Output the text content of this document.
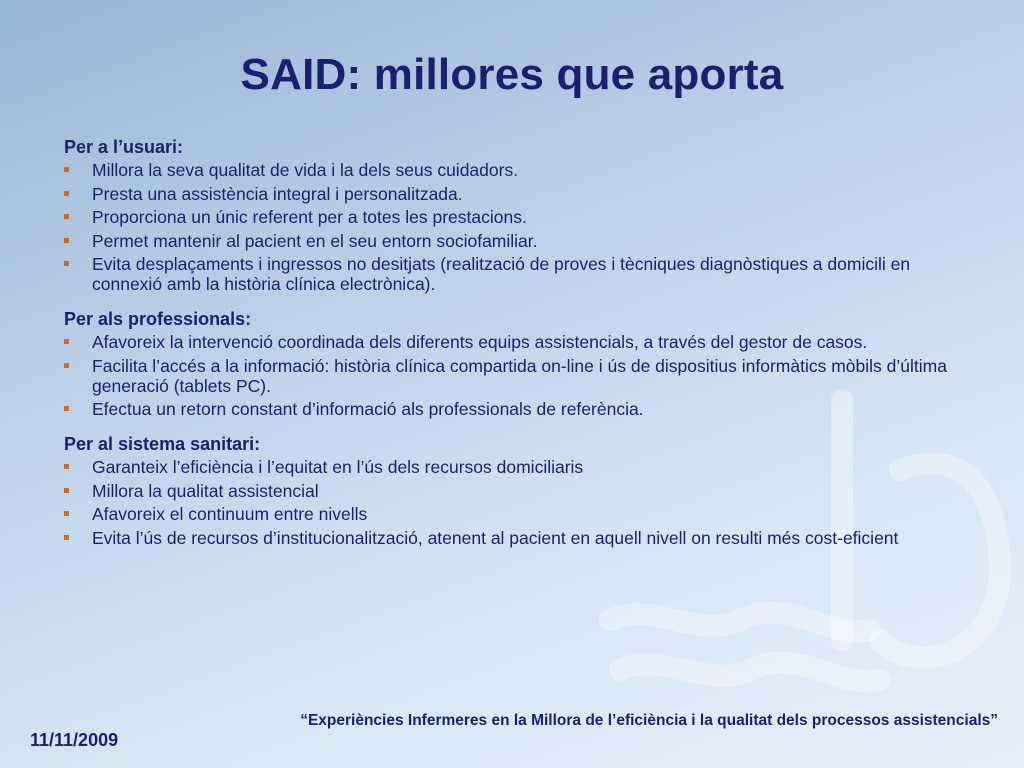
SAID: millores que aporta
Per a l’usuari:
Millora la seva qualitat de vida i la dels seus cuidadors.
Presta una assistència integral i personalitzada.
Proporciona un únic referent per a totes les prestacions.
Permet mantenir al pacient en el seu entorn sociofamiliar.
Evita desplaçaments i ingressos no desitjats (realització de proves i tècniques diagnòstiques a domicili en connexió amb la història clínica electrònica).
Per als professionals:
Afavoreix la intervenció coordinada dels diferents equips assistencials, a través del gestor de casos.
Facilita l’accés a la informació: història clínica compartida on-line i ús de dispositius informàtics mòbils d’última generació (tablets PC).
Efectua un retorn constant d’informació als professionals de referència.
Per al sistema sanitari:
Garanteix l’eficiència i l’equitat en l’ús dels recursos domiciliaris
Millora la qualitat assistencial
Afavoreix el continuum entre nivells
Evita l’ús de recursos d’institucionalització, atenent al pacient en aquell nivell on resulti més cost-eficient
“Experiències Infermeres en la Millora de l’eficiència i la qualitat dels processos assistencials”
11/11/2009
